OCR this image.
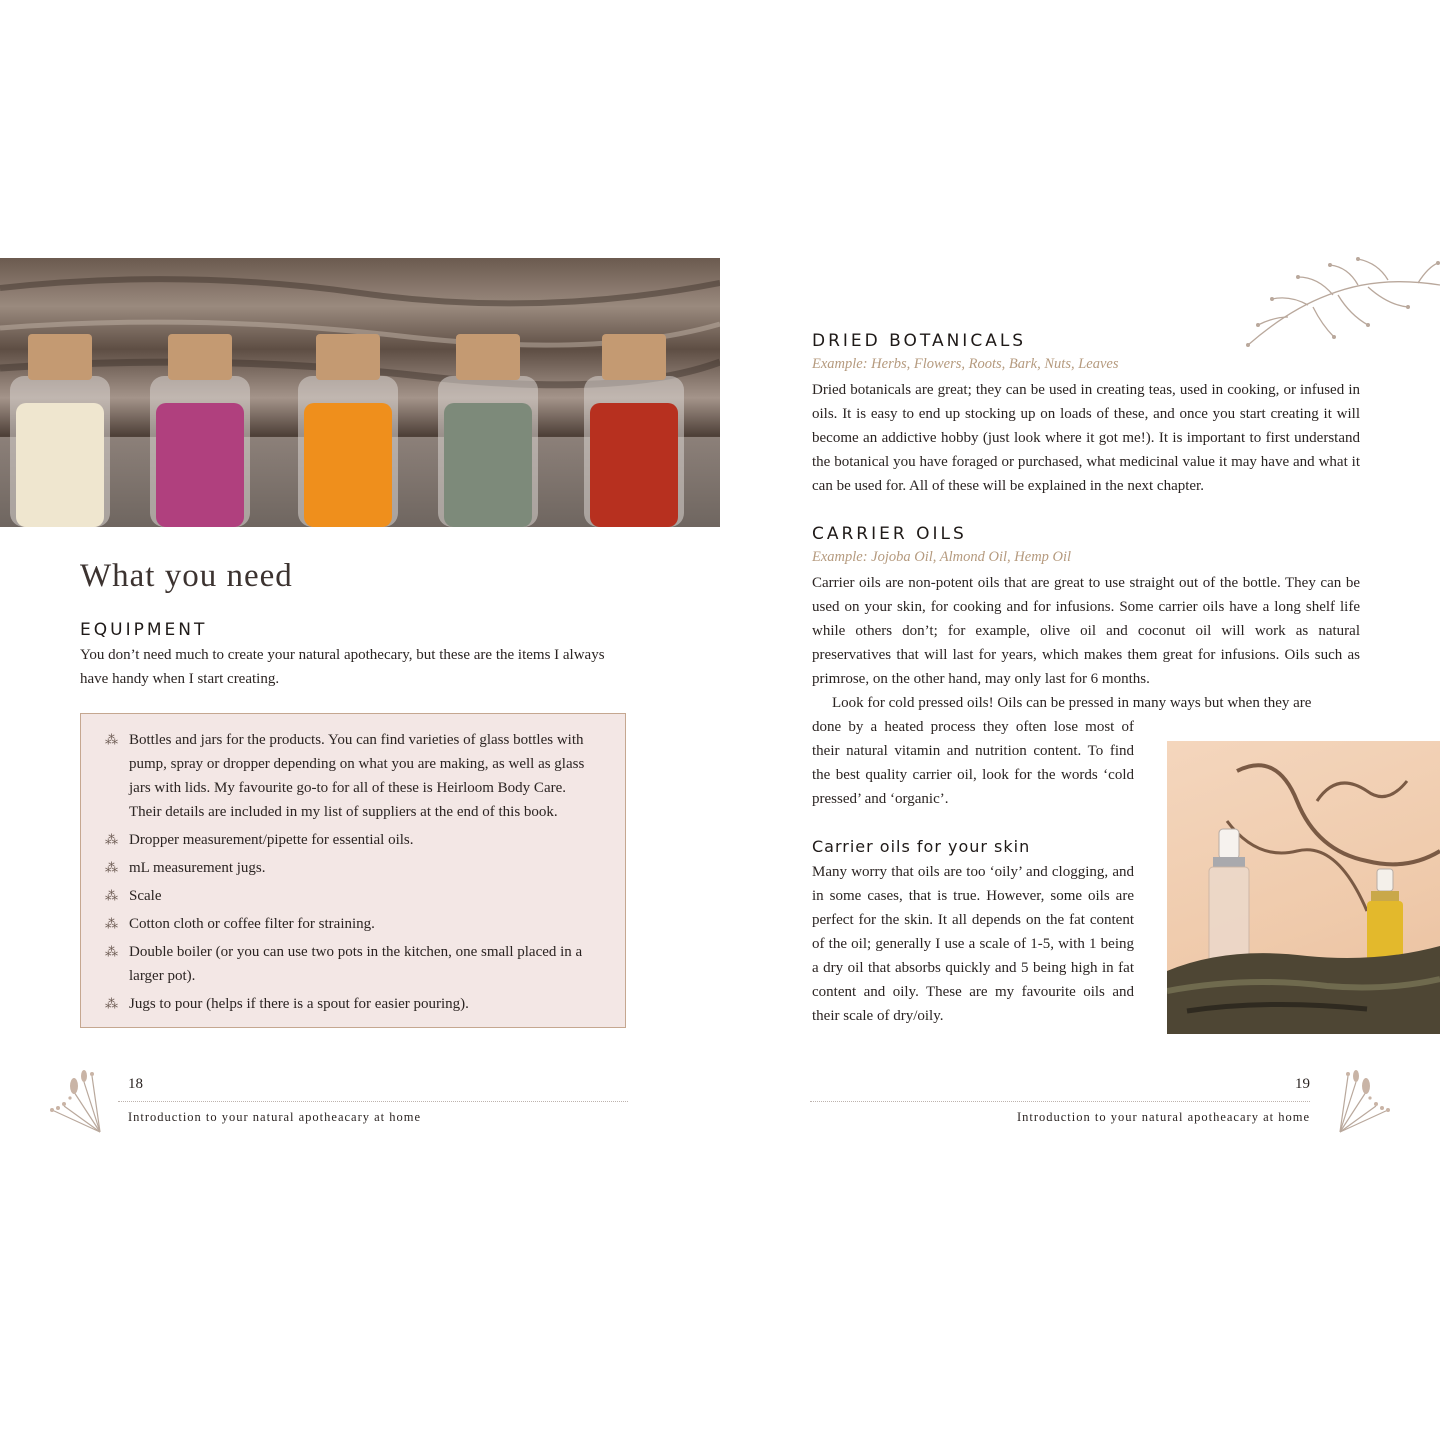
What you need
EQUIPMENT
You don’t need much to create your natural apothecary, but these are the items I always have handy when I start creating.
⁂ Bottles and jars for the products. You can find varieties of glass bottles with pump, spray or dropper depending on what you are making, as well as glass jars with lids. My favourite go-to for all of these is Heirloom Body Care. Their details are included in my list of suppliers at the end of this book.
⁂ Dropper measurement/pipette for essential oils.
⁂ mL measurement jugs.
⁂ Scale
⁂ Cotton cloth or coffee filter for straining.
⁂ Double boiler (or you can use two pots in the kitchen, one small placed in a larger pot).
⁂ Jugs to pour (helps if there is a spout for easier pouring).
18
Introduction to your natural apotheacary at home
DRIED BOTANICALS
Example: Herbs, Flowers, Roots, Bark, Nuts, Leaves
Dried botanicals are great; they can be used in creating teas, used in cooking, or infused in oils. It is easy to end up stocking up on loads of these, and once you start creating it will become an addictive hobby (just look where it got me!). It is important to first understand the botanical you have foraged or purchased, what medicinal value it may have and what it can be used for. All of these will be explained in the next chapter.
CARRIER OILS
Example: Jojoba Oil, Almond Oil, Hemp Oil
Carrier oils are non-potent oils that are great to use straight out of the bottle. They can be used on your skin, for cooking and for infusions. Some carrier oils have a long shelf life while others don’t; for example, olive oil and coconut oil will work as natural preservatives that will last for years, which makes them great for infusions. Oils such as primrose, on the other hand, may only last for 6 months.
Look for cold pressed oils! Oils can be pressed in many ways but when they are
done by a heated process they often lose most of their natural vitamin and nutrition content. To find the best quality carrier oil, look for the words ‘cold pressed’ and ‘organic’.
Carrier oils for your skin
Many worry that oils are too ‘oily’ and clogging, and in some cases, that is true. However, some oils are perfect for the skin. It all depends on the fat content of the oil; generally I use a scale of 1-5, with 1 being a dry oil that absorbs quickly and 5 being high in fat content and oily. These are my favourite oils and their scale of dry/oily.
19
Introduction to your natural apotheacary at home
